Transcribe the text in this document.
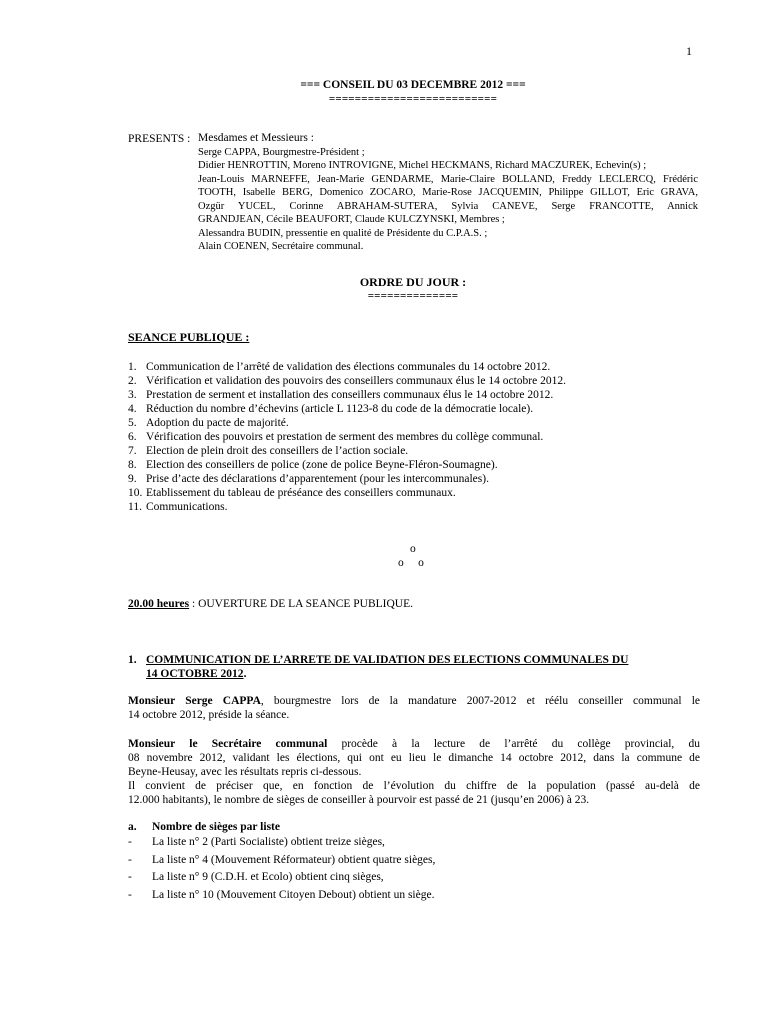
1
=== CONSEIL DU 03 DECEMBRE 2012 ===
==========================
PRESENTS : Mesdames et Messieurs :
Serge CAPPA, Bourgmestre-Président ;
Didier HENROTTIN, Moreno INTROVIGNE, Michel HECKMANS, Richard MACZUREK, Echevin(s) ;
Jean-Louis MARNEFFE, Jean-Marie GENDARME, Marie-Claire BOLLAND, Freddy LECLERCQ, Frédéric
TOOTH, Isabelle BERG, Domenico ZOCARO, Marie-Rose JACQUEMIN, Philippe GILLOT, Eric GRAVA,
Ozgür YUCEL, Corinne ABRAHAM-SUTERA, Sylvia CANEVE, Serge FRANCOTTE, Annick
GRANDJEAN, Cécile BEAUFORT, Claude KULCZYNSKI, Membres ;
Alessandra BUDIN, pressentie en qualité de Présidente du C.P.A.S. ;
Alain COENEN, Secrétaire communal.
ORDRE DU JOUR :
==============
SEANCE PUBLIQUE :
1. Communication de l’arrêté de validation des élections communales du 14 octobre 2012.
2. Vérification et validation des pouvoirs des conseillers communaux élus le 14 octobre 2012.
3. Prestation de serment et installation des conseillers communaux élus le 14 octobre 2012.
4. Réduction du nombre d’échevins (article L 1123-8 du code de la démocratie locale).
5. Adoption du pacte de majorité.
6. Vérification des pouvoirs et prestation de serment des membres du collège communal.
7. Election de plein droit des conseillers de l’action sociale.
8. Election des conseillers de police (zone de police Beyne-Fléron-Soumagne).
9. Prise d’acte des déclarations d’apparentement (pour les intercommunales).
10. Etablissement du tableau de préséance des conseillers communaux.
11. Communications.
o
o     o
20.00 heures : OUVERTURE DE LA SEANCE PUBLIQUE.
1. COMMUNICATION DE L’ARRETE DE VALIDATION DES ELECTIONS COMMUNALES DU
14 OCTOBRE 2012.
Monsieur Serge CAPPA, bourgmestre lors de la mandature 2007-2012 et réélu conseiller communal le
14 octobre 2012, préside la séance.
Monsieur le Secrétaire communal procède à la lecture de l’arrêté du collège provincial, du
08 novembre 2012, validant les élections, qui ont eu lieu le dimanche 14 octobre 2012, dans la commune de
Beyne-Heusay, avec les résultats repris ci-dessous.
Il convient de préciser que, en fonction de l’évolution du chiffre de la population (passé au-delà de
12.000 habitants), le nombre de sièges de conseiller à pourvoir est passé de 21 (jusqu’en 2006) à 23.
a. Nombre de sièges par liste
- La liste n° 2 (Parti Socialiste) obtient treize sièges,
- La liste n° 4 (Mouvement Réformateur) obtient quatre sièges,
- La liste n° 9 (C.D.H. et Ecolo) obtient cinq sièges,
- La liste n° 10 (Mouvement Citoyen Debout) obtient un siège.
